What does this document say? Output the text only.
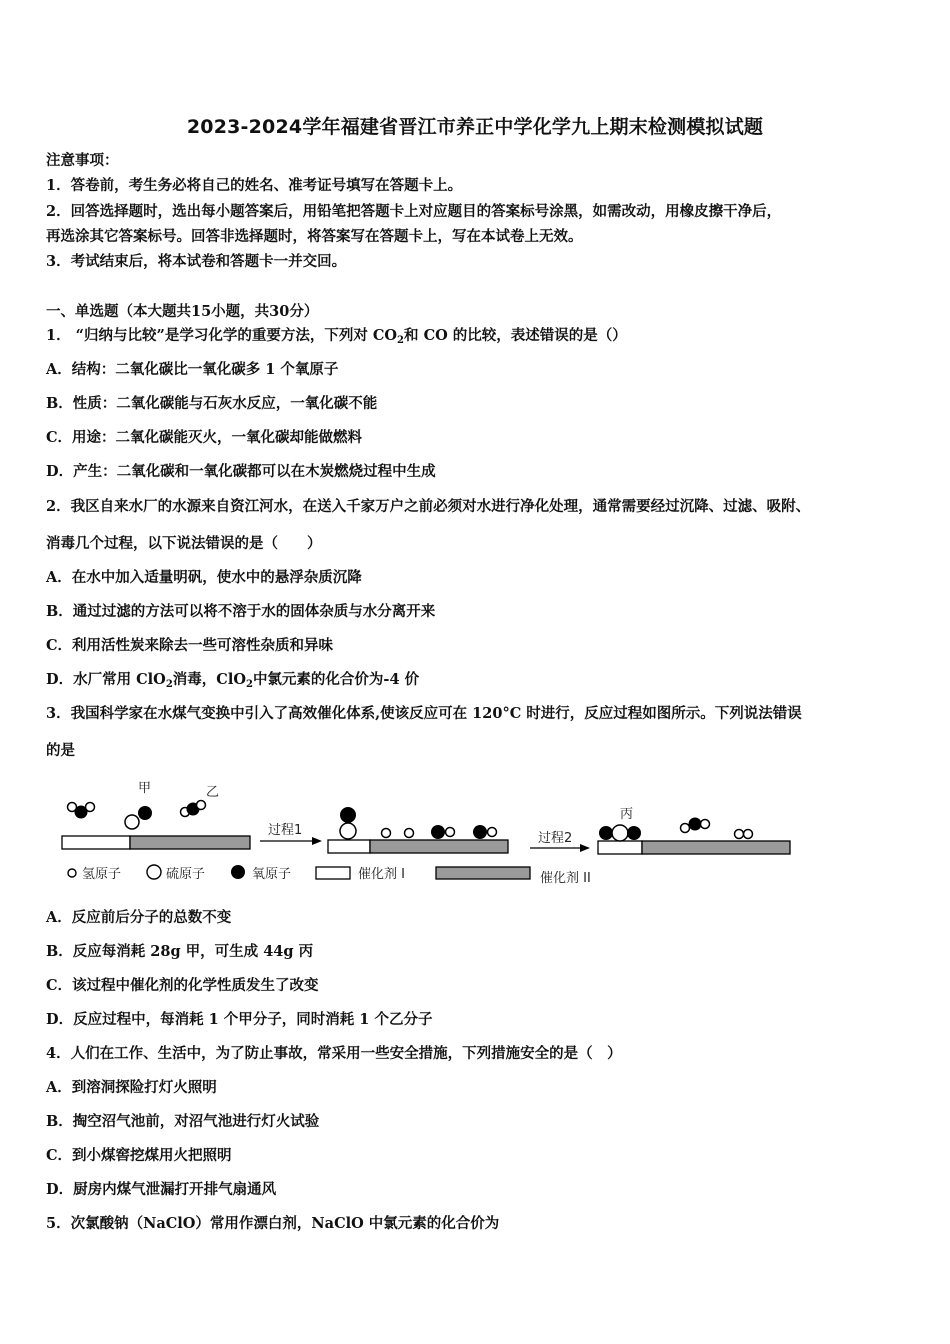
2023-2024学年福建省晋江市养正中学化学九上期末检测模拟试题
注意事项：
1．答卷前，考生务必将自己的姓名、准考证号填写在答题卡上。
2．回答选择题时，选出每小题答案后，用铅笔把答题卡上对应题目的答案标号涂黑，如需改动，用橡皮擦干净后，
再选涂其它答案标号。回答非选择题时，将答案写在答题卡上，写在本试卷上无效。
3．考试结束后，将本试卷和答题卡一并交回。
一、单选题（本大题共15小题，共30分）
1． “归纳与比较”是学习化学的重要方法，下列对 $CO_2$和 CO 的比较，表述错误的是（）
A．结构：二氧化碳比一氧化碳多 1 个氧原子
B．性质：二氧化碳能与石灰水反应，一氧化碳不能
C．用途：二氧化碳能灭火，一氧化碳却能做燃料
D．产生：二氧化碳和一氧化碳都可以在木炭燃烧过程中生成
2．我区自来水厂的水源来自资江河水，在送入千家万户之前必须对水进行净化处理，通常需要经过沉降、过滤、吸附、
消毒几个过程，以下说法错误的是（　　）
A．在水中加入适量明矾，使水中的悬浮杂质沉降
B．通过过滤的方法可以将不溶于水的固体杂质与水分离开来
C．利用活性炭来除去一些可溶性杂质和异味
D．水厂常用 ClO$_2$消毒，ClO$_2$中氯元素的化合价为-4 价
3．我国科学家在水煤气变换中引入了高效催化体系,使该反应可在 120°C 时进行，反应过程如图所示。下列说法错误
的是
甲	乙
丙
过程1
过程2
氢原子	硫原子	氧原子	催化剂 I	催化剂 II
A．反应前后分子的总数不变
B．反应每消耗 28g 甲，可生成 44g 丙
C．该过程中催化剂的化学性质发生了改变
D．反应过程中，每消耗 1 个甲分子，同时消耗 1 个乙分子
4．人们在工作、生活中，为了防止事故，常采用一些安全措施，下列措施安全的是（　）
A．到溶洞探险打灯火照明
B．掏空沼气池前，对沼气池进行灯火试验
C．到小煤窖挖煤用火把照明
D．厨房内煤气泄漏打开排气扇通风
5．次氯酸钠（NaClO）常用作漂白剂，NaClO 中氯元素的化合价为
